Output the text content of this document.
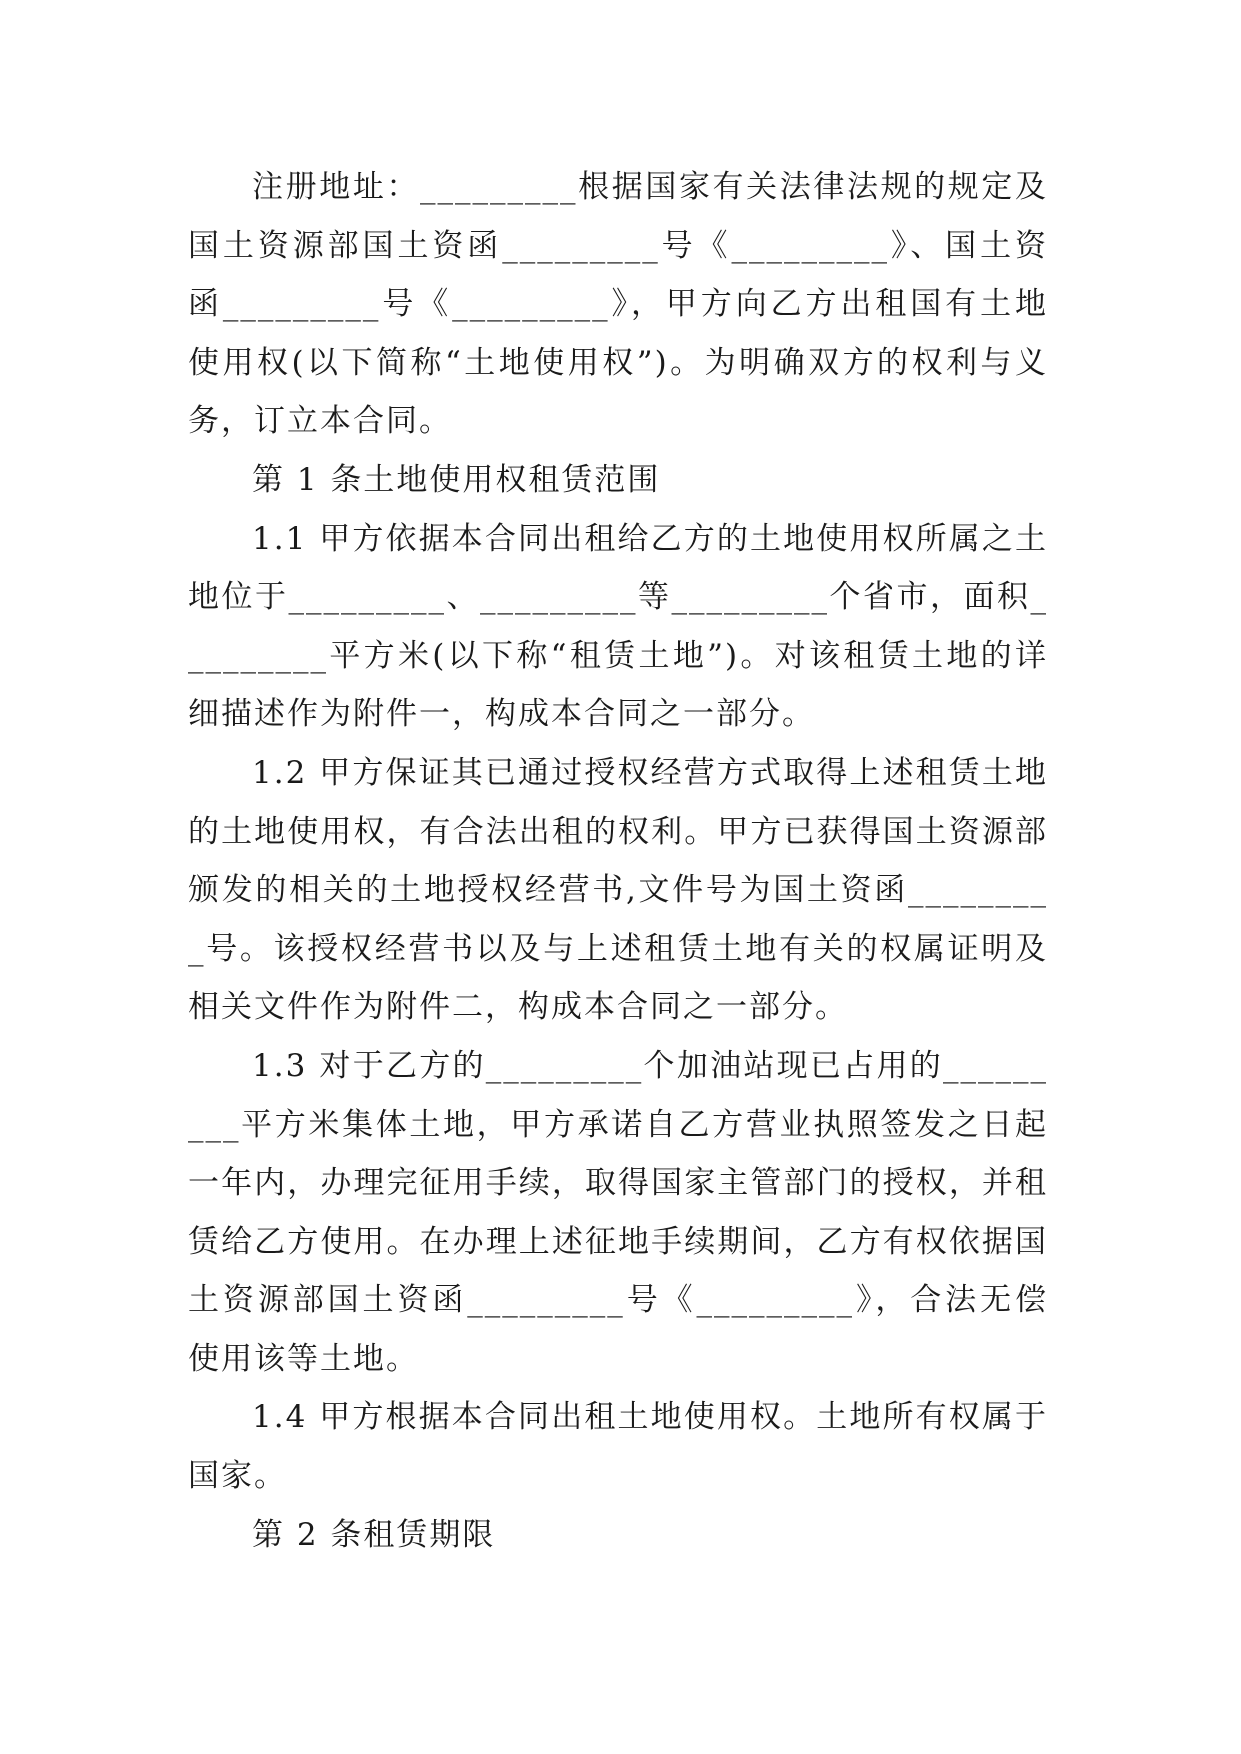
注册地址：_________根据国家有关法律法规的规定及国土资源部国土资函_________号《_________》、国土资函_________号《_________》，甲方向乙方出租国有土地使用权(以下简称“土地使用权”)。为明确双方的权利与义务，订立本合同。

第 1 条土地使用权租赁范围

1.1 甲方依据本合同出租给乙方的土地使用权所属之土地位于_________、_________等_________个省市，面积_________平方米(以下称“租赁土地”)。对该租赁土地的详细描述作为附件一，构成本合同之一部分。

1.2 甲方保证其已通过授权经营方式取得上述租赁土地的土地使用权，有合法出租的权利。甲方已获得国土资源部颁发的相关的土地授权经营书,文件号为国土资函_________号。该授权经营书以及与上述租赁土地有关的权属证明及相关文件作为附件二，构成本合同之一部分。

1.3 对于乙方的_________个加油站现已占用的_________平方米集体土地，甲方承诺自乙方营业执照签发之日起一年内，办理完征用手续，取得国家主管部门的授权，并租赁给乙方使用。在办理上述征地手续期间，乙方有权依据国土资源部国土资函_________号《_________》，合法无偿使用该等土地。

1.4 甲方根据本合同出租土地使用权。土地所有权属于国家。

第 2 条租赁期限
